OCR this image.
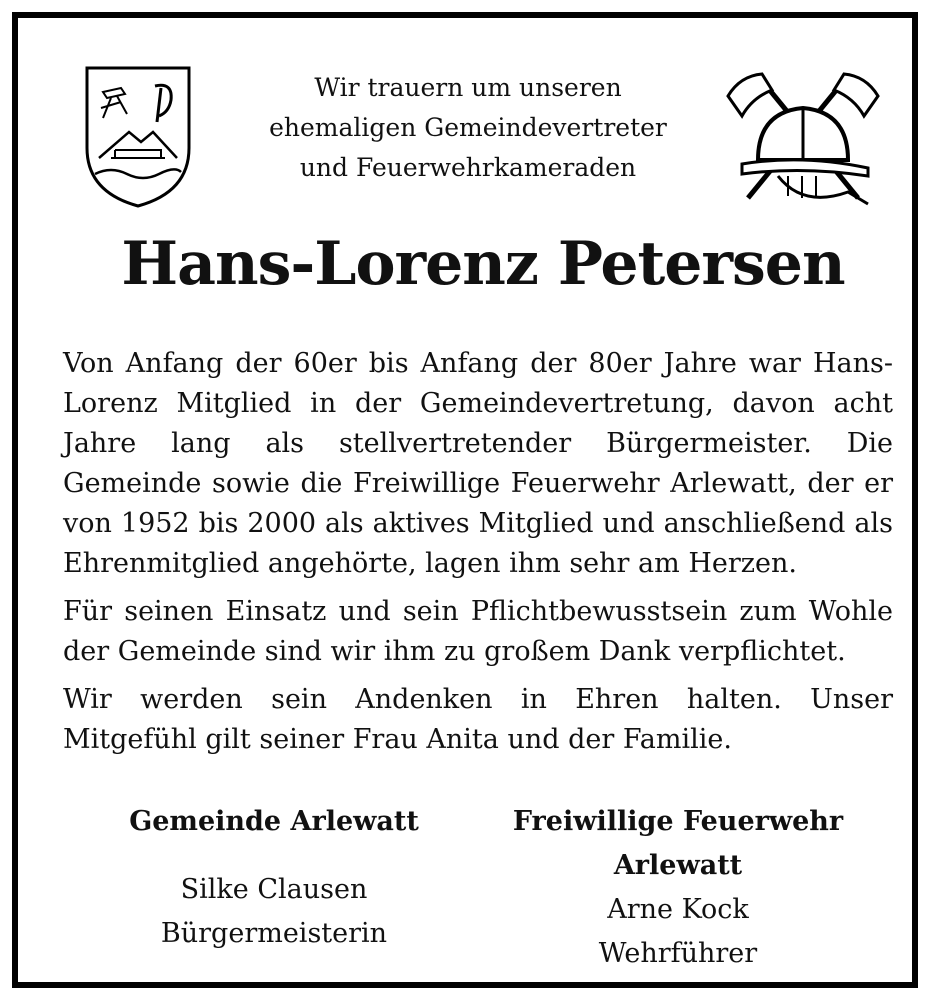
Wir trauern um unseren
ehemaligen Gemeindevertreter
und Feuerwehrkameraden
Hans-Lorenz Petersen

Von Anfang der 60er bis Anfang der 80er Jahre war Hans-Lorenz Mitglied in der Gemeindevertretung, davon acht Jahre lang als stellvertretender Bürgermeister. Die Gemeinde sowie die Freiwillige Feuerwehr Arlewatt, der er von 1952 bis 2000 als aktives Mitglied und anschließend als Ehrenmitglied angehörte, lagen ihm sehr am Herzen.

Für seinen Einsatz und sein Pflichtbewusstsein zum Wohle der Gemeinde sind wir ihm zu großem Dank verpflichtet.

Wir werden sein Andenken in Ehren halten. Unser Mitgefühl gilt seiner Frau Anita und der Familie.

Gemeinde Arlewatt
Silke Clausen
Bürgermeisterin
Freiwillige Feuerwehr
Arlewatt
Arne Kock
Wehrführer
